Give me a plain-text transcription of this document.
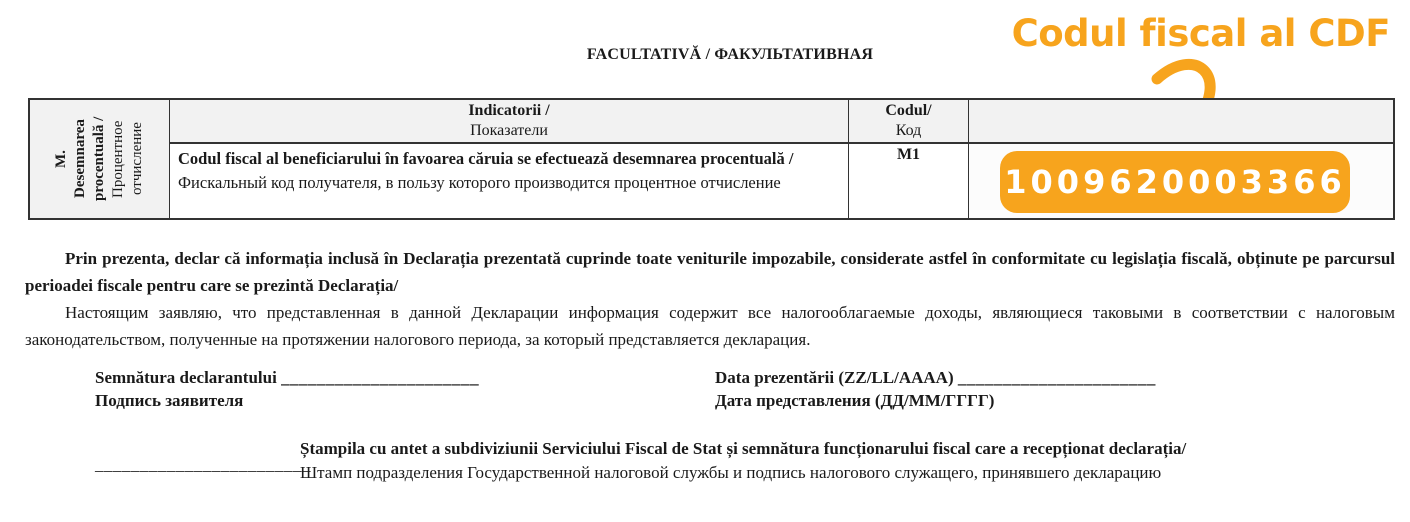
FACULTATIVĂ / ФАКУЛЬТАТИВНАЯ	Codul fiscal al CDF
M. Desemnarea procentuală / Процентное отчисление
Indicatorii /
Показатели
Codul/
Код
Codul fiscal al beneficiarului în favoarea căruia se efectuează desemnarea procentuală / Фискальный код получателя, в пользу которого производится процентное отчисление
M1
1009620003366

Prin prezenta, declar că informația inclusă în Declarația prezentată cuprinde toate veniturile impozabile, considerate astfel în conformitate cu legislația fiscală, obținute pe parcursul perioadei fiscale pentru care se prezintă Declarația/

Настоящим заявляю, что представленная в данной Декларации информация содержит все налогооблагаемые доходы, являющиеся таковыми в соответствии с налоговым законодательством, полученные на протяжении налогового периода, за который представляется декларация.

Semnătura declarantului ______________________
Подпись заявителя
Data prezentării (ZZ/LL/AAAA) ______________________
Дата представления (ДД/ММ/ГГГГ)
________________________
Ștampila cu antet a subdiviziunii Serviciului Fiscal de Stat și semnătura funcționarului fiscal care a recepționat declarația/
Штамп подразделения Государственной налоговой службы и подпись налогового служащего, принявшего декларацию
